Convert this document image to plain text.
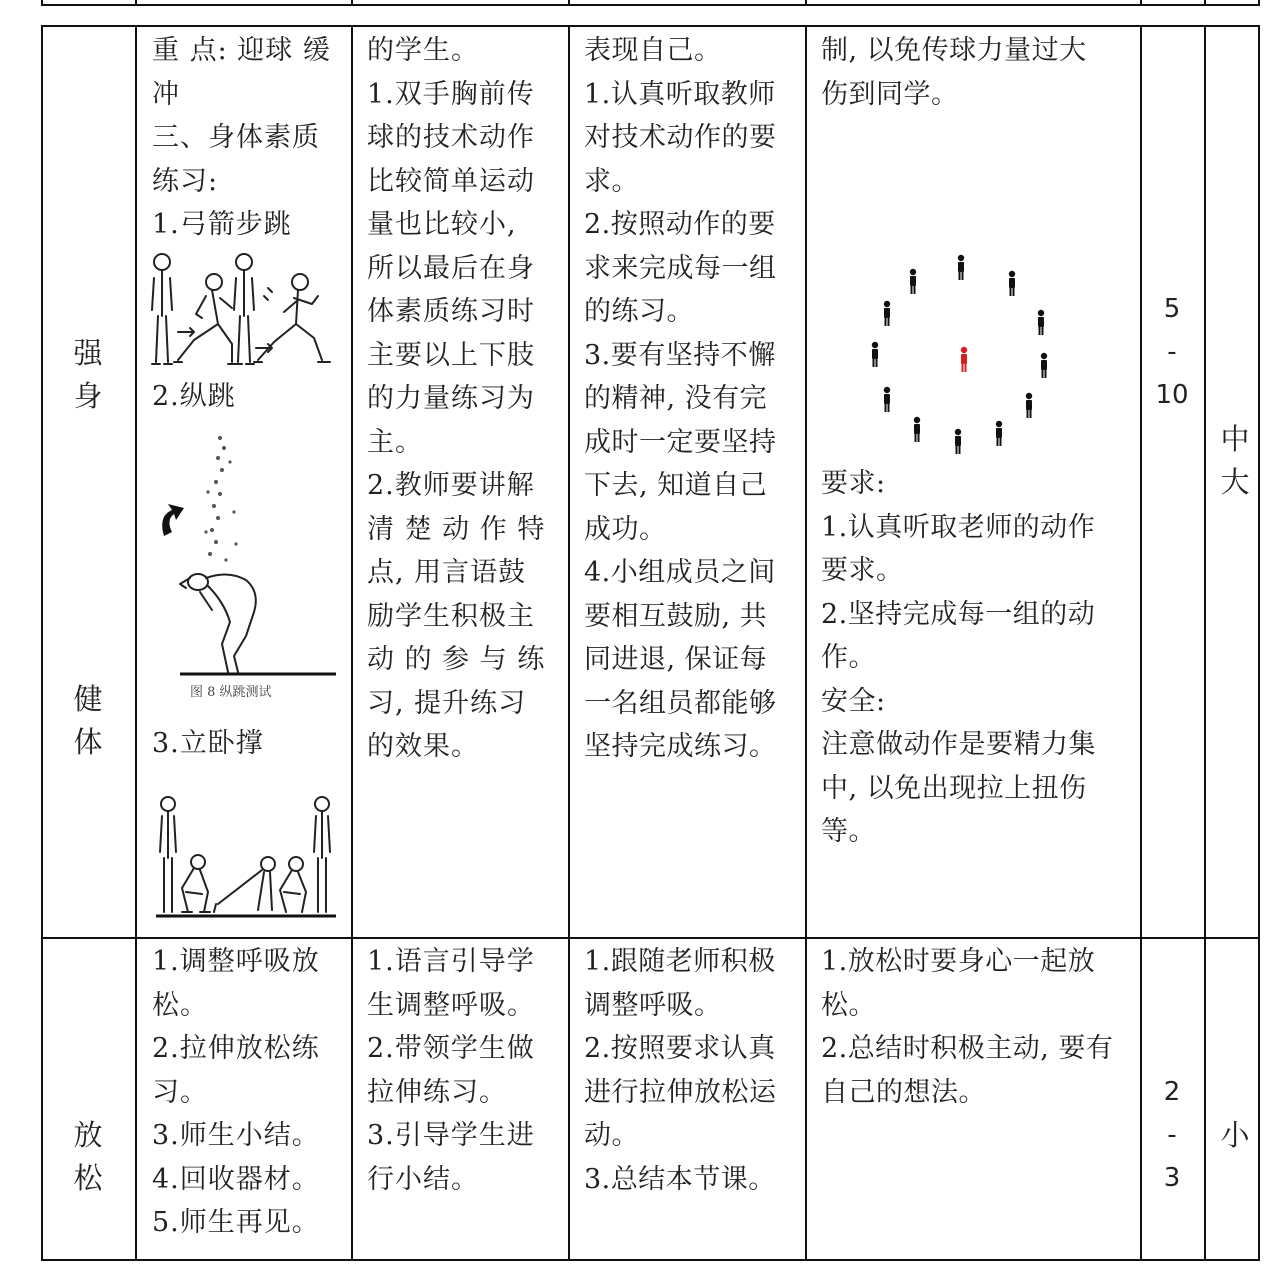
强
身
健
体
重 点: 迎球 缓
冲
三、身体素质
练习:
1.弓箭步跳
2.纵跳
图 8 纵跳测试
3.立卧撑
的学生。
1.双手胸前传
球的技术动作
比较简单运动
量也比较小,
所以最后在身
体素质练习时
主要以上下肢
的力量练习为
主。
2.教师要讲解
清 楚 动 作 特
点, 用言语鼓
励学生积极主
动 的 参 与 练
习, 提升练习
的效果。
表现自己。
1.认真听取教师
对技术动作的要
求。
2.按照动作的要
求来完成每一组
的练习。
3.要有坚持不懈
的精神, 没有完
成时一定要坚持
下去, 知道自己
成功。
4.小组成员之间
要相互鼓励, 共
同进退, 保证每
一名组员都能够
坚持完成练习。
制, 以免传球力量过大
伤到同学。
要求:
1.认真听取老师的动作
要求。
2.坚持完成每一组的动
作。
安全:
注意做动作是要精力集
中, 以免出现拉上扭伤
等。
5
-
10
中
大
放
松
1.调整呼吸放
松。
2.拉伸放松练
习。
3.师生小结。
4.回收器材。
5.师生再见。
1.语言引导学
生调整呼吸。
2.带领学生做
拉伸练习。
3.引导学生进
行小结。
1.跟随老师积极
调整呼吸。
2.按照要求认真
进行拉伸放松运
动。
3.总结本节课。
1.放松时要身心一起放
松。
2.总结时积极主动, 要有
自己的想法。	2
-
3
小
